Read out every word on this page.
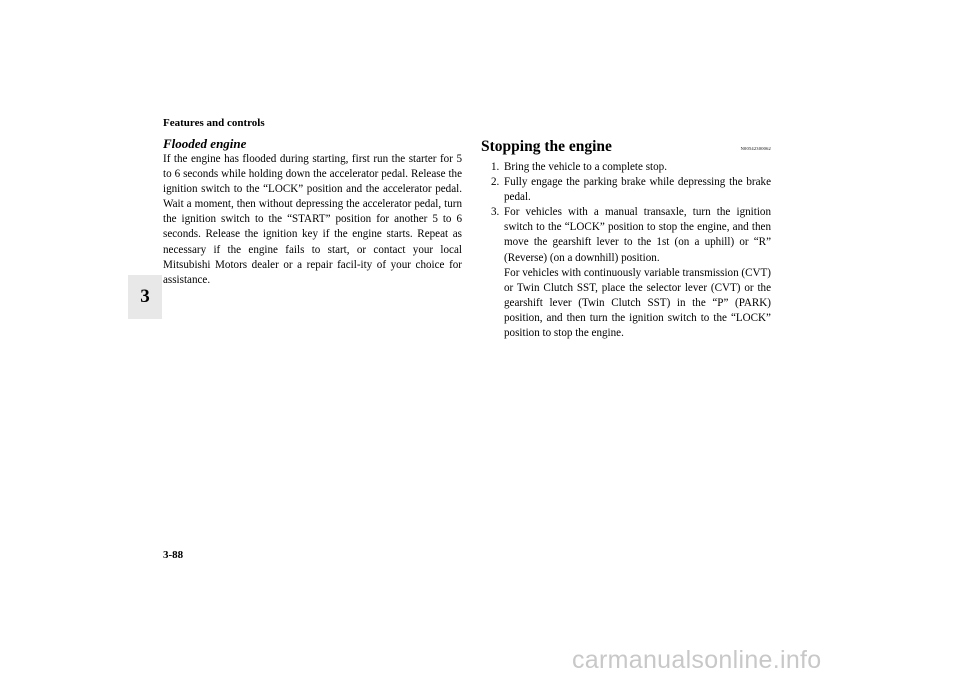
Features and controls
3
Flooded engine

If the engine has flooded during starting, first run the starter for 5 to 6 seconds while holding down the accelerator pedal. Release the ignition switch to the “LOCK” position and the accelerator pedal. Wait a moment, then without depressing the accelerator pedal, turn the ignition switch to the “START” position for another 5 to 6 seconds. Release the ignition key if the engine starts. Repeat as necessary if the engine fails to start, or contact your local Mitsubishi Motors dealer or a repair facil-ity of your choice for assistance.

Stopping the engine	N00542300062
1. Bring the vehicle to a complete stop.

2. Fully engage the parking brake while depressing the brake pedal.

3. For vehicles with a manual transaxle, turn the ignition switch to the “LOCK” position to stop the engine, and then move the gearshift lever to the 1st (on a uphill) or “R” (Reverse) (on a downhill) position.

For vehicles with continuously variable transmission (CVT) or Twin Clutch SST, place the selector lever (CVT) or the gearshift lever (Twin Clutch SST) in the “P” (PARK) position, and then turn the ignition switch to the “LOCK” position to stop the engine.

3-88
carmanualsonline.info
